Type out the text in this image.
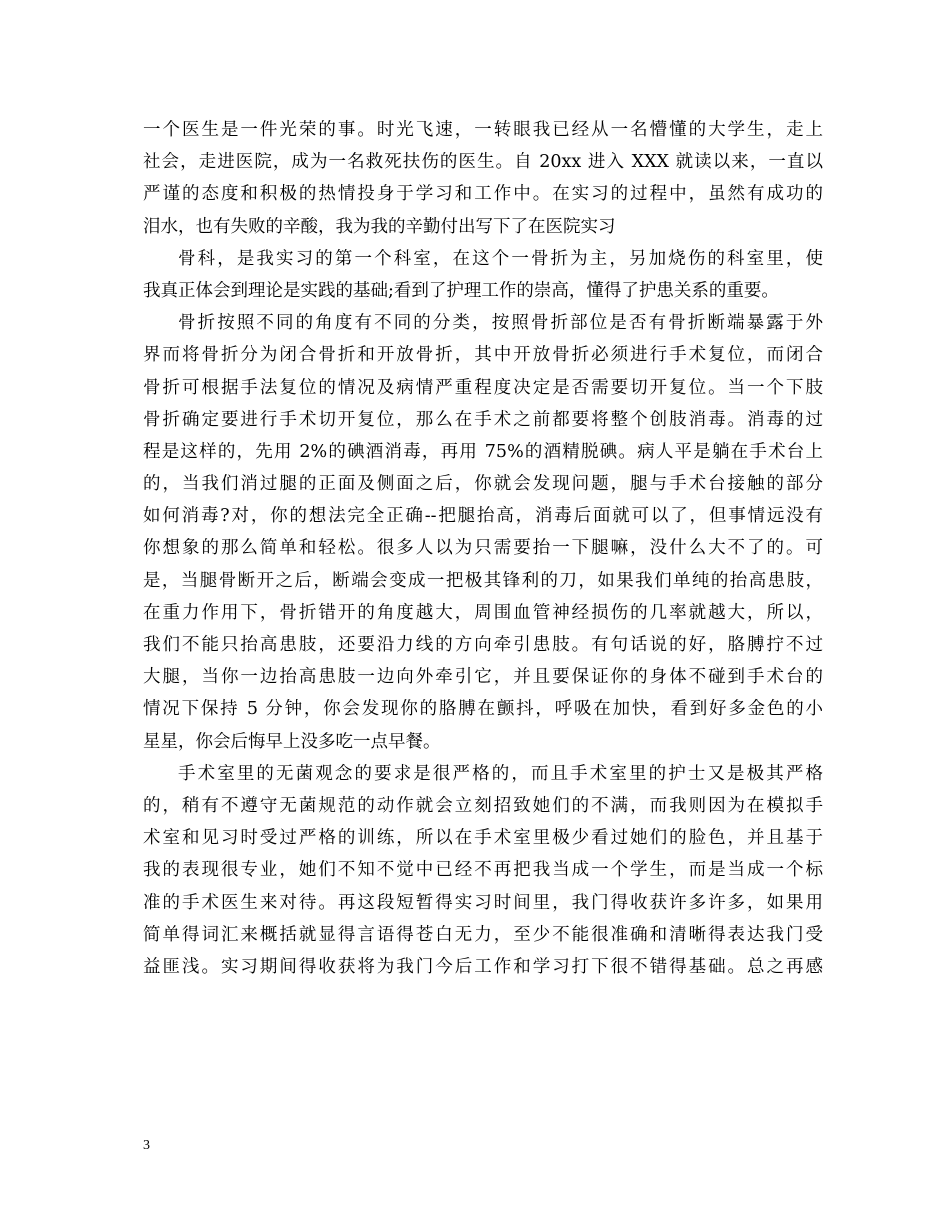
一个医生是一件光荣的事。时光飞速，一转眼我已经从一名懵懂的大学生，走上
社会，走进医院，成为一名救死扶伤的医生。自 20xx 进入 XXX 就读以来，一直以
严谨的态度和积极的热情投身于学习和工作中。在实习的过程中，虽然有成功的
泪水，也有失败的辛酸，我为我的辛勤付出写下了在医院实习

骨科，是我实习的第一个科室，在这个一骨折为主，另加烧伤的科室里，使
我真正体会到理论是实践的基础;看到了护理工作的崇高，懂得了护患关系的重要。

骨折按照不同的角度有不同的分类，按照骨折部位是否有骨折断端暴露于外
界而将骨折分为闭合骨折和开放骨折，其中开放骨折必须进行手术复位，而闭合
骨折可根据手法复位的情况及病情严重程度决定是否需要切开复位。当一个下肢
骨折确定要进行手术切开复位，那么在手术之前都要将整个创肢消毒。消毒的过
程是这样的，先用 2%的碘酒消毒，再用 75%的酒精脱碘。病人平是躺在手术台上
的，当我们消过腿的正面及侧面之后，你就会发现问题，腿与手术台接触的部分
如何消毒?对，你的想法完全正确--把腿抬高，消毒后面就可以了，但事情远没有
你想象的那么简单和轻松。很多人以为只需要抬一下腿嘛，没什么大不了的。可
是，当腿骨断开之后，断端会变成一把极其锋利的刀，如果我们单纯的抬高患肢，
在重力作用下，骨折错开的角度越大，周围血管神经损伤的几率就越大，所以，
我们不能只抬高患肢，还要沿力线的方向牵引患肢。有句话说的好，胳膊拧不过
大腿，当你一边抬高患肢一边向外牵引它，并且要保证你的身体不碰到手术台的
情况下保持 5 分钟，你会发现你的胳膊在颤抖，呼吸在加快，看到好多金色的小
星星，你会后悔早上没多吃一点早餐。

手术室里的无菌观念的要求是很严格的，而且手术室里的护士又是极其严格
的，稍有不遵守无菌规范的动作就会立刻招致她们的不满，而我则因为在模拟手
术室和见习时受过严格的训练，所以在手术室里极少看过她们的脸色，并且基于
我的表现很专业，她们不知不觉中已经不再把我当成一个学生，而是当成一个标
准的手术医生来对待。再这段短暂得实习时间里，我门得收获许多许多，如果用
简单得词汇来概括就显得言语得苍白无力，至少不能很准确和清晰得表达我门受
益匪浅。实习期间得收获将为我门今后工作和学习打下很不错得基础。总之再感

3
